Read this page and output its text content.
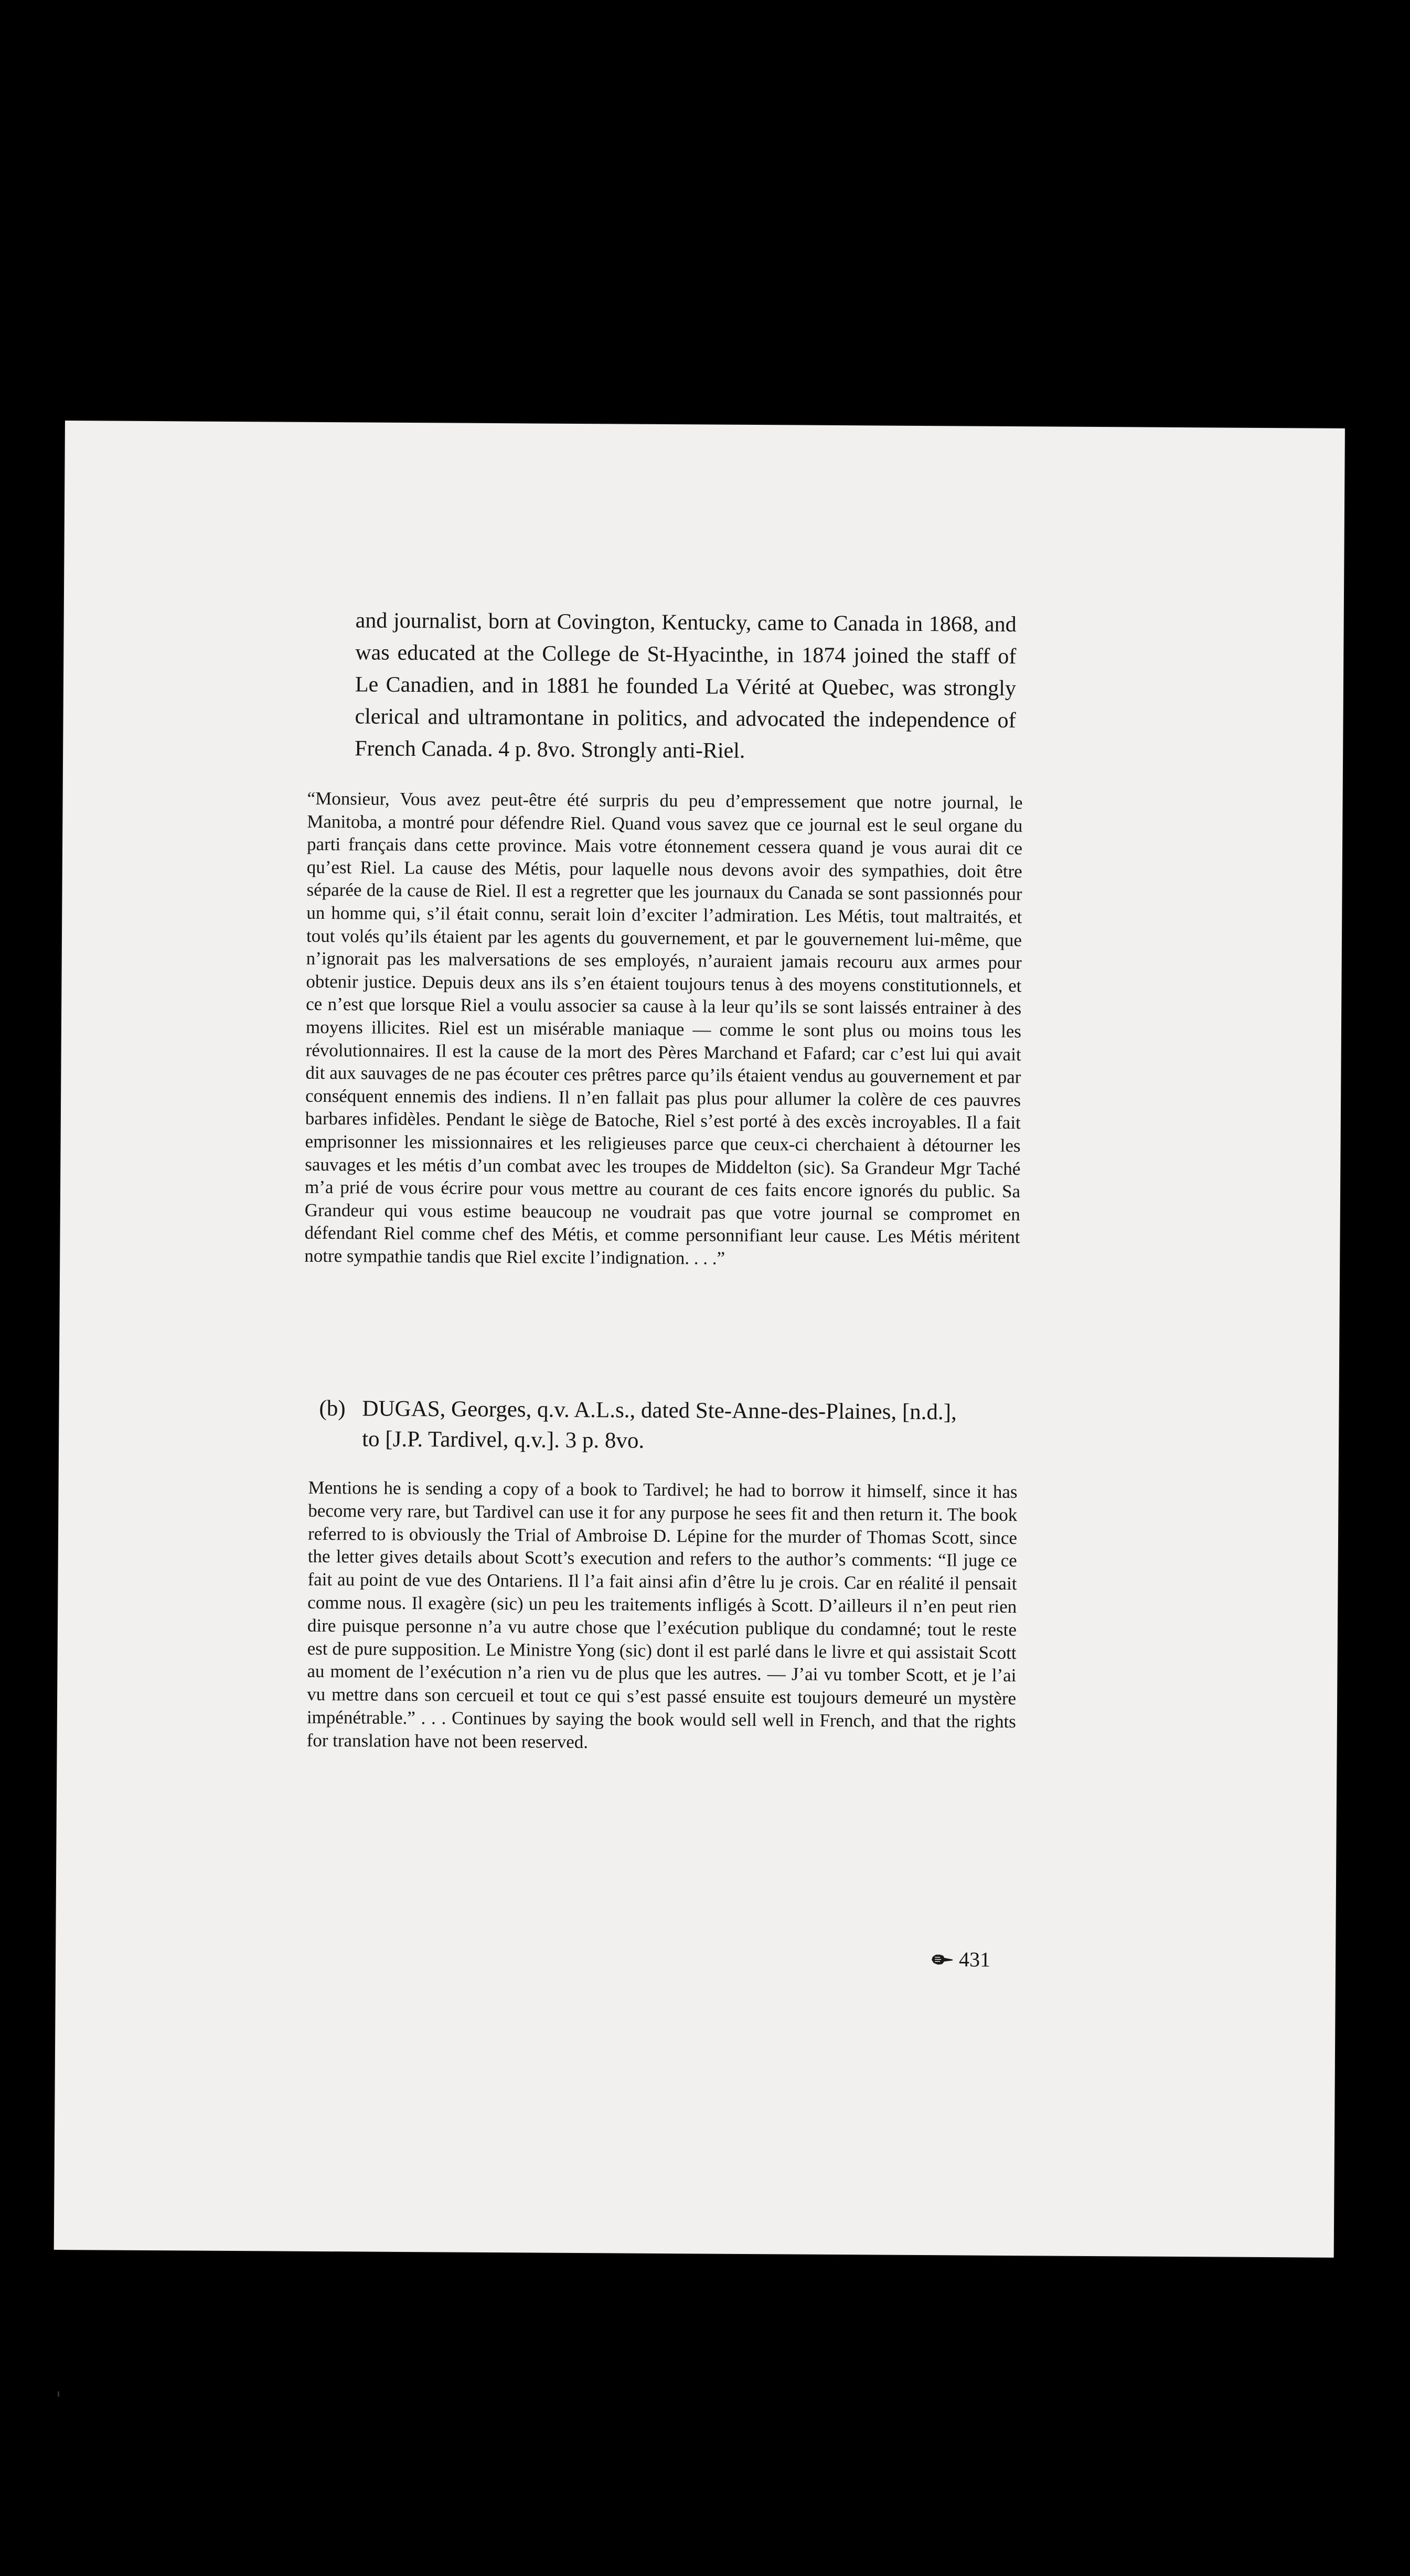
and journalist, born at Covington, Kentucky, came to Canada in 1868, and was educated at the College de St-Hyacinthe, in 1874 joined the staff of Le Canadien, and in 1881 he founded La Vérité at Quebec, was strongly clerical and ultramontane in politics, and advocated the independence of French Canada. 4 p. 8vo. Strongly anti-Riel.

“Monsieur, Vous avez peut-être été surpris du peu d’empressement que notre journal, le Manitoba, a montré pour défendre Riel. Quand vous savez que ce journal est le seul organe du parti français dans cette province. Mais votre étonnement cessera quand je vous aurai dit ce qu’est Riel. La cause des Métis, pour laquelle nous devons avoir des sympathies, doit être séparée de la cause de Riel. Il est a regretter que les journaux du Canada se sont passionnés pour un homme qui, s’il était connu, serait loin d’exciter l’admiration. Les Métis, tout maltraités, et tout volés qu’ils étaient par les agents du gouvernement, et par le gouvernement lui-même, que n’ignorait pas les malversations de ses employés, n’auraient jamais recouru aux armes pour obtenir justice. Depuis deux ans ils s’en étaient toujours tenus à des moyens constitutionnels, et ce n’est que lorsque Riel a voulu associer sa cause à la leur qu’ils se sont laissés entrainer à des moyens illicites. Riel est un misérable maniaque — comme le sont plus ou moins tous les révolutionnaires. Il est la cause de la mort des Pères Marchand et Fafard; car c’est lui qui avait dit aux sauvages de ne pas écouter ces prêtres parce qu’ils étaient vendus au gouvernement et par conséquent ennemis des indiens. Il n’en fallait pas plus pour allumer la colère de ces pauvres barbares infidèles. Pendant le siège de Batoche, Riel s’est porté à des excès incroyables. Il a fait emprisonner les missionnaires et les religieuses parce que ceux-ci cherchaient à détourner les sauvages et les métis d’un combat avec les troupes de Middelton (sic). Sa Grandeur Mgr Taché m’a prié de vous écrire pour vous mettre au courant de ces faits encore ignorés du public. Sa Grandeur qui vous estime beaucoup ne voudrait pas que votre journal se compromet en défendant Riel comme chef des Métis, et comme personnifiant leur cause. Les Métis méritent notre sympathie tandis que Riel excite l’indignation. . . .”

(b) DUGAS, Georges, q.v. A.L.s., dated Ste-Anne-des-Plaines, [n.d.],
to [J.P. Tardivel, q.v.]. 3 p. 8vo.

Mentions he is sending a copy of a book to Tardivel; he had to borrow it himself, since it has become very rare, but Tardivel can use it for any purpose he sees fit and then return it. The book referred to is obviously the Trial of Ambroise D. Lépine for the murder of Thomas Scott, since the letter gives details about Scott’s execution and refers to the author’s comments: “Il juge ce fait au point de vue des Ontariens. Il l’a fait ainsi afin d’être lu je crois. Car en réalité il pensait comme nous. Il exagère (sic) un peu les traitements infligés à Scott. D’ailleurs il n’en peut rien dire puisque personne n’a vu autre chose que l’exécution publique du condamné; tout le reste est de pure supposition. Le Ministre Yong (sic) dont il est parlé dans le livre et qui assistait Scott au moment de l’exécution n’a rien vu de plus que les autres. — J’ai vu tomber Scott, et je l’ai vu mettre dans son cercueil et tout ce qui s’est passé ensuite est toujours demeuré un mystère impénétrable.” . . . Continues by saying the book would sell well in French, and that the rights for translation have not been reserved.

431
